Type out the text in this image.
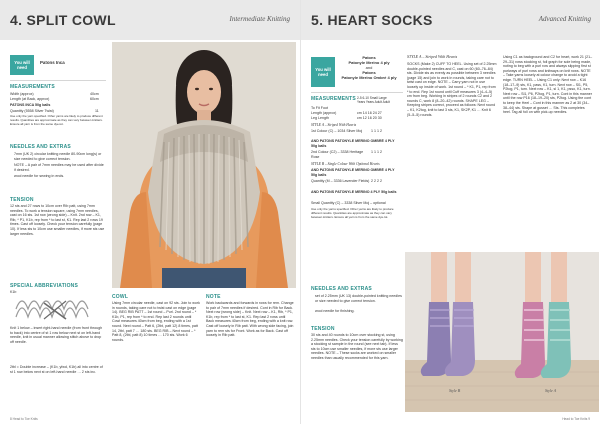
4. SPLIT COWL	Intermediate Knitting
You will need
Patons Inca
MEASUREMENTS
Width (approx)	40cm
Length (at Back, approx)	60cm
PATONS INCA 50g balls
Quantity (5558 Silver Twist)	11
Use only the yarn specified. Other yarns are likely to produce different results. Quantities are approximate as they can vary between knitters. Ensure all yarn is from the same dye-lot.
NEEDLES AND EXTRAS
7mm (UK 2) circular knitting needle 80-90cm long(s) or size needed to give correct tension.
NOTE – A pair of 7mm needles may be used after divide if desired.
wool needle for sewing in ends.
TENSION
12 sts and 27 rows to 10cm over Rib patt, using 7mm needles. To work a tension square, using 7mm needles, cast on 16 sts. 1st row (wrong side) – Knit. 2nd row – K1, Rib, * P1, K1b, rep from * to last st, K1. Rep last 2 rows 19 times. Cast off loosely. Check your tension carefully (page 10). If less sts to 10cm use smaller needles, if more sts use larger needles.
SPECIAL ABBREVIATIONS
K1b
Knit 1 below – insert right-hand needle (from front through to back) into centre of st 1 row below next st on left-hand needle, knit in usual manner allowing stitch above to drop off needle.
2tbl = Double increase – (K1b, yfwd, K1b) all into centre of st 1 row below next st on left-hand needle … 2 sts inc.
COWL
Using 7mm circular needle, cast on 92 sts. Join to work in rounds, taking care not to twist cast on edge (page 14). BEG RIB PATT – 1st round – Purl. 2nd round – * K1b, P1, rep from * to end. Rep last 2 rounds until Cowl measures 40cm from beg, ending with a 1st round. Next round – Patt 6, (2tbl, patt 12) 8 times, patt 14, 2tbl, patt 7 … 180 sts. BEG RIB – Next round – * Patt 8, (2tbl, patt 8) 10 times … 170 sts. Work 6 rounds.
NOTE
Work backwards and forwards in rows for rem. Change to pair of 7mm needles if desired. Cont in Rib for Back. Next row (wrong side) – Knit. Next row – K1, Rib, * P1, K1b, rep from * to last st, K1. Rep last 2 rows until Back measures 40cm from beg, ending with a knit row. Cast off loosely in Rib patt. With wrong side facing, join yarn to rem sts for Front. Work as for Back. Cast off loosely in Rib patt.
8 Head to Toe Knits
5. HEART SOCKS	Advanced Knitting
You will need
Patons
Patonyle Merino 4 ply
and
Patons
Patonyle Merino Ombré 4 ply
MEASUREMENTS 2-5 6-10 Small Large
Years Years Adult Adult
To Fit Foot
Length (approx)	cm 14 16 24 27
Leg Length	cm 12 16 20 30
STYLE A – Striped With Hearts
1st Colour (C) – 1034 Silver Moj	1 1 1 2
AND PATONS PATONYLE MERINO OMBRÉ 4 PLY 50g balls
2nd Colour (C2) – 3338 Heritage Rose
1 1 1 2
STYLE B – Single Colour With Optional Hearts
AND PATONS PATONYLE MERINO OMBRÉ 4 PLY 50g balls
Quantity (M – 3336 Lavender Fields) 2 2 2 2
AND PATONS PATONYLE MERINO 4 PLY 50g balls
Small Quantity (C) – 3338 Silver Moj – optional
Use only the yarns specified. Other yarns are likely to produce different results. Quantities are approximate as they can vary between knitters. Ensure all yarn is from the same dye-lot.
NEEDLES AND EXTRAS
set of 2.25mm (UK 13) double-pointed knitting needles or size needed to give correct tension.
wool needle for finishing.
TENSION
30 sts and 40 rounds to 10cm over stocking st, using 2.25mm needles. Check your tension carefully by working a stocking st sample in the round (see next tab). If less sts to 10cm use smaller needles, if more sts use larger needles. NOTE – These socks are worked on smaller needles than usually recommended for this yarn.
STYLE A – Striped With Hearts
SOCKS (Make 2) CUFF TO HEEL. Using set of 2.25mm double-pointed needles and C, cast on 60 (60–76–84) sts. Divide sts as evenly as possible between 3 needles (page 15) and join to work in rounds, taking care not to twist cast on edge. NOTE – Carry yarn not in use loosely up inside of work. 1st round – * K1, P1, rep from * to end. Rep 1st round until Cuff measures 3 (4–4–5) cm from beg. Working in stripes of 2 rounds C2 and 2 rounds C, work 8 (8–20–42) rounds. SHAPE LEG – Keeping stripes correct, proceed as follows: Next round – K1, K2tog, knit to last 3 sts, K1, SK2P, K1 … Knit 6 (5–5–5) rounds.
Using C1 as background and C2 for heart, work 21 (21–29–31) rows stocking st, foll graph for sole being made, noting to beg with a purl row and always slipping first st purlways of purl rows and knitways on knit rows. NOTE – Take yarns loosely at colour change to avoid a tight edge. TURN HEEL – Using C1 only: Next row – K16 (18–17–9) sts, K1, pass, K1, turn. Next row – Sl1, P5, P2tog, P1, turn. Next row – K1, sl 1, K1, psso, K1, turn. Next row – Sl1, P6, P2tog, P1, turn. Cont in this manner until the row P16 (18–19–20) sts, P2tog. Using the cont to keep the Heel – Cont in this manner as 2 at 30 (34–38–44) sts. Shape at gusset … Sts. This completes heel. Tag all foll on with pick-up needles.
Style B	Style A
Head to Toe Knits 9
